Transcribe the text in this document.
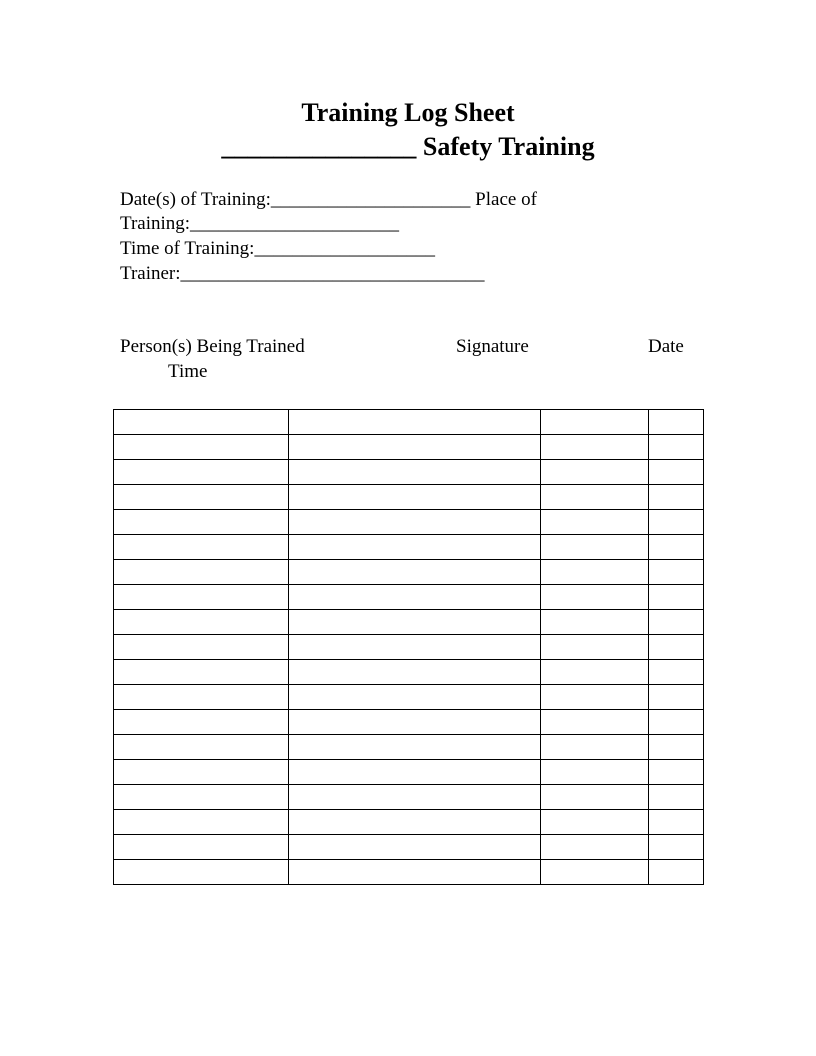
Training Log Sheet
_______________ Safety Training
Date(s) of Training:_____________________ Place of
Training:______________________
Time of Training:___________________
Trainer:________________________________
Person(s) Being Trained	Signature	Date
Time
